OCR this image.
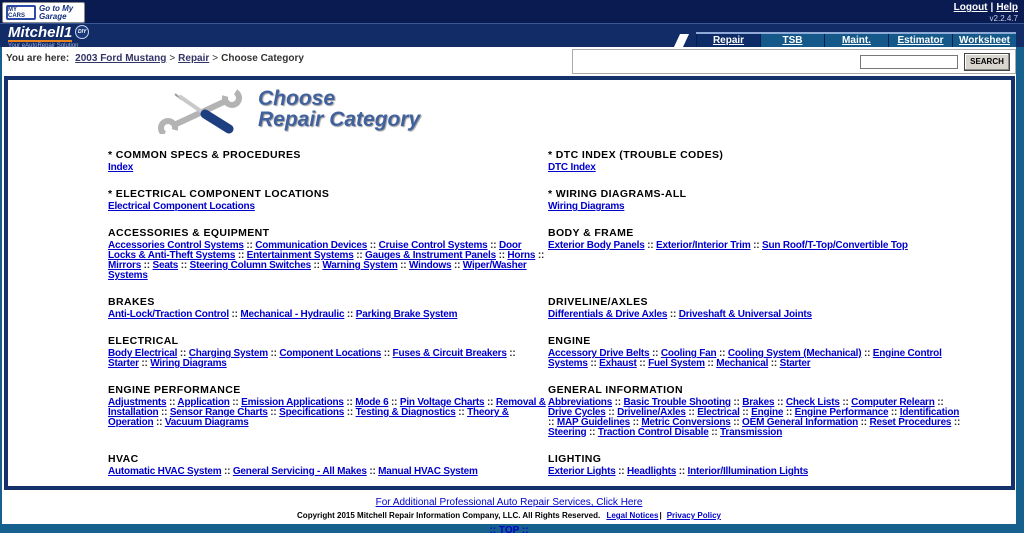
MY CARS
Go to My Garage
Logout | Help
v2.2.4.7
Mitchell1	DIY
Your eAutoRepair Solution	Repair	TSB	Maint.	Estimator	Worksheet
You are here: 2003 Ford Mustang > Repair > Choose Category	SEARCH
Choose
Repair Category
* COMMON SPECS & PROCEDURES
Index
* DTC INDEX (TROUBLE CODES)
DTC Index
* ELECTRICAL COMPONENT LOCATIONS
Electrical Component Locations
* WIRING DIAGRAMS-ALL
Wiring Diagrams
ACCESSORIES & EQUIPMENT
Accessories Control Systems :: Communication Devices :: Cruise Control Systems :: Door Locks & Anti-Theft Systems :: Entertainment Systems :: Gauges & Instrument Panels :: Horns :: Mirrors :: Seats :: Steering Column Switches :: Warning System :: Windows :: Wiper/Washer Systems
BODY & FRAME
Exterior Body Panels :: Exterior/Interior Trim :: Sun Roof/T-Top/Convertible Top
BRAKES
Anti-Lock/Traction Control :: Mechanical - Hydraulic :: Parking Brake System
DRIVELINE/AXLES
Differentials & Drive Axles :: Driveshaft & Universal Joints
ELECTRICAL
Body Electrical :: Charging System :: Component Locations :: Fuses & Circuit Breakers :: Starter :: Wiring Diagrams
ENGINE
Accessory Drive Belts :: Cooling Fan :: Cooling System (Mechanical) :: Engine Control Systems :: Exhaust :: Fuel System :: Mechanical :: Starter
ENGINE PERFORMANCE
Adjustments :: Application :: Emission Applications :: Mode 6 :: Pin Voltage Charts :: Removal & Installation :: Sensor Range Charts :: Specifications :: Testing & Diagnostics :: Theory & Operation :: Vacuum Diagrams
GENERAL INFORMATION
Abbreviations :: Basic Trouble Shooting :: Brakes :: Check Lists :: Computer Relearn :: Drive Cycles :: Driveline/Axles :: Electrical :: Engine :: Engine Performance :: Identification :: MAP Guidelines :: Metric Conversions :: OEM General Information :: Reset Procedures :: Steering :: Traction Control Disable :: Transmission
HVAC
Automatic HVAC System :: General Servicing - All Makes :: Manual HVAC System
LIGHTING
Exterior Lights :: Headlights :: Interior/Illumination Lights
For Additional Professional Auto Repair Services, Click Here
Copyright 2015 Mitchell Repair Information Company, LLC. All Rights Reserved. Legal Notices| Privacy Policy
:: TOP ::
